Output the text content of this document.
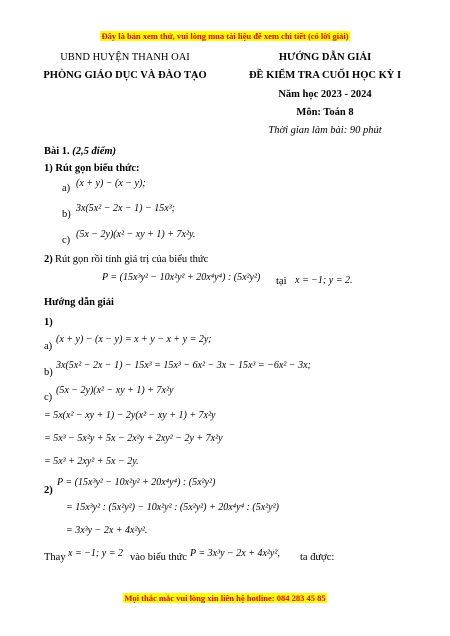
Đây là bản xem thử, vui lòng mua tài liệu để xem chi tiết (có lời giải)
UBND HUYỆN THANH OAI
PHÒNG GIÁO DỤC VÀ ĐÀO TẠO
HƯỚNG DẪN GIẢI
ĐỀ KIỂM TRA CUỐI HỌC KỲ I
Năm học 2023 - 2024
Môn: Toán 8
Thời gian làm bài: 90 phút
Bài 1. (2,5 điểm)
1) Rút gọn biểu thức:
a) (x + y) − (x − y);
b)
3x(5x² − 2x − 1) − 15x³;
c)
(5x − 2y)(x² − xy + 1) + 7x²y.
2) Rút gọn rồi tính giá trị của biểu thức
P = (15x³y² − 10x²y² + 20x⁴y⁴) : (5x²y²) tại x = −1; y = 2.
Hướng dẫn giải
1)
a)
(x + y) − (x − y) = x + y − x + y = 2y;
b)
3x(5x² − 2x − 1) − 15x³ = 15x³ − 6x² − 3x − 15x³ = −6x² − 3x;
c)
(5x − 2y)(x² − xy + 1) + 7x²y
= 5x(x² − xy + 1) − 2y(x² − xy + 1) + 7x²y
= 5x³ − 5x²y + 5x − 2x²y + 2xy² − 2y + 7x²y
= 5x³ + 2xy² + 5x − 2y.
2)
P = (15x³y² − 10x²y² + 20x⁴y⁴) : (5x²y²)
= 15x³y² : (5x²y²) − 10x²y² : (5x²y²) + 20x⁴y⁴ : (5x²y²)
= 3x³y − 2x + 4x²y².
Thay x = −1; y = 2 vào biểu thức P = 3x³y − 2x + 4x²y², ta được:
Mọi thắc mắc vui lòng xin liên hệ hotline: 084 283 45 85
